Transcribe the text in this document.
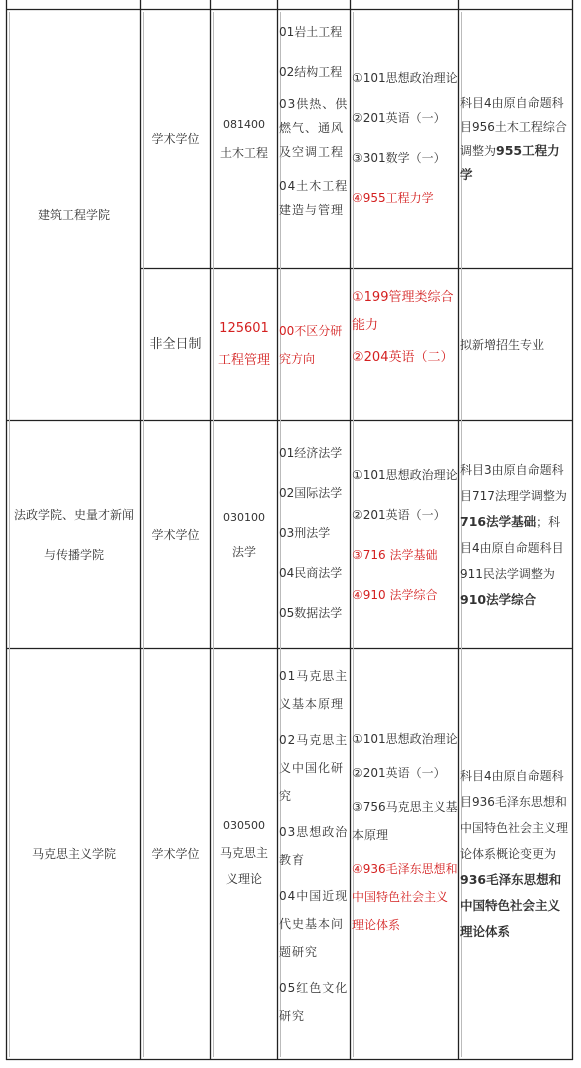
建筑工程学院
学术学位
081400
土木工程
01岩土工程
02结构工程
03供热、供燃气、通风及空调工程
04土木工程建造与管理
①101思想政治理论
②201英语（一）
③301数学（一）
④955工程力学
科目4由原自命题科目956土木工程综合调整为955工程力学
非全日制
125601
工程管理
00不区分研究方向
①199管理类综合能力
②204英语（二）
拟新增招生专业
法政学院、史量才新闻与传播学院
学术学位
030100
法学
01经济法学
02国际法学
03刑法学
04民商法学
05数据法学
①101思想政治理论
②201英语（一）
③716 法学基础
④910 法学综合
科目3由原自命题科目717法理学调整为716法学基础；科目4由原自命题科目911民法学调整为910法学综合
马克思主义学院	学术学位
030500
马克思主义理论
01马克思主义基本原理
02马克思主义中国化研究
03思想政治教育
04中国近现代史基本问题研究
05红色文化研究
①101思想政治理论
②201英语（一）
③756马克思主义基本原理
④936毛泽东思想和中国特色社会主义理论体系
科目4由原自命题科目936毛泽东思想和中国特色社会主义理论体系概论变更为936毛泽东思想和中国特色社会主义理论体系
